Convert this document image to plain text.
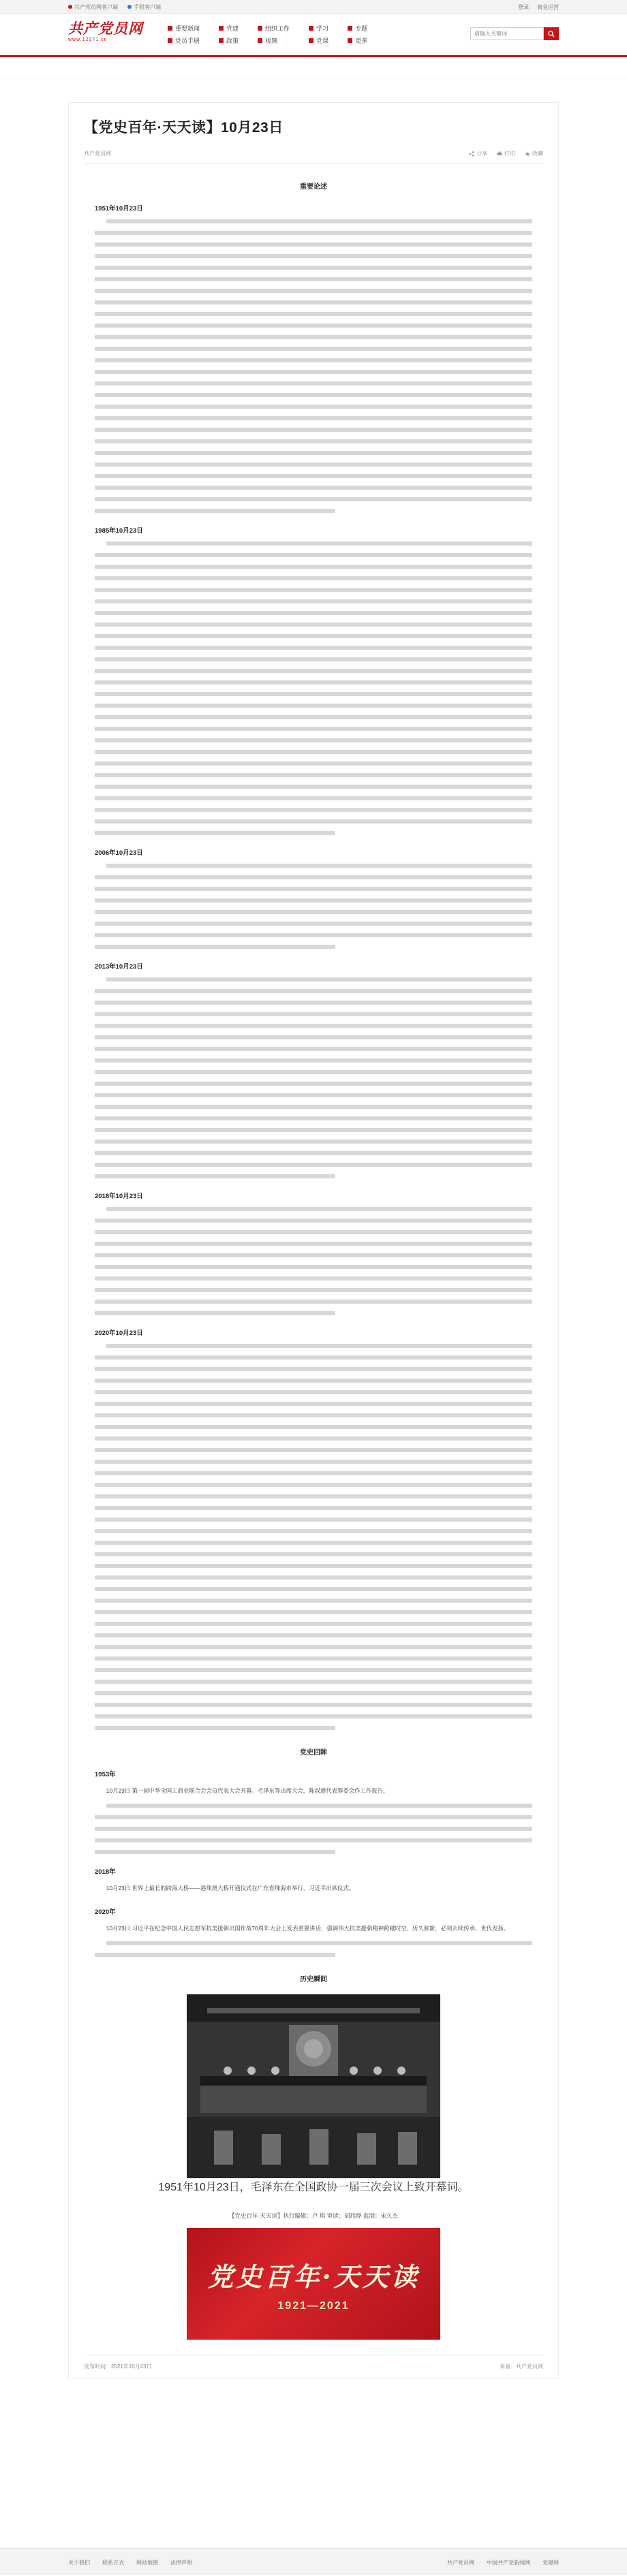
共产党员网客户端	手机客户端	登录 商业运营
共产党员网
www.12371.cn
重要新闻	党建	组织工作	学习	专题
党员手册	政策	视频	党课	更多
请输入关键词
【党史百年·天天读】10月23日
共产党员网	分享	打印	收藏
重要论述
1951年10月23日
1985年10月23日
2006年10月23日
2013年10月23日
2018年10月23日
2020年10月23日
党史回眸
1953年

10月23日 第一届中华全国工商业联合会会员代表大会开幕。毛泽东等出席大会，陈叔通代表筹委会作工作报告。

2018年

10月23日 世界上最长的跨海大桥——港珠澳大桥开通仪式在广东省珠海市举行，习近平出席仪式。

2020年

10月23日 习近平在纪念中国人民志愿军抗美援朝出国作战70周年大会上发表重要讲话，强调伟大抗美援朝精神跨越时空、历久弥新，必须永续传承、世代发扬。

历史瞬间
1951年10月23日，毛泽东在全国政协一届三次会议上致开幕词。
【党史百年·天天读】执行编辑：卢 琪 审读：胡玮烨 监制：宋久杰
党史百年·天天读
1921—2021
发布时间：2021年10月23日	来源：共产党员网
关于我们 联系方式 网站地图 法律声明	共产党员网 中国共产党新闻网 党建网
